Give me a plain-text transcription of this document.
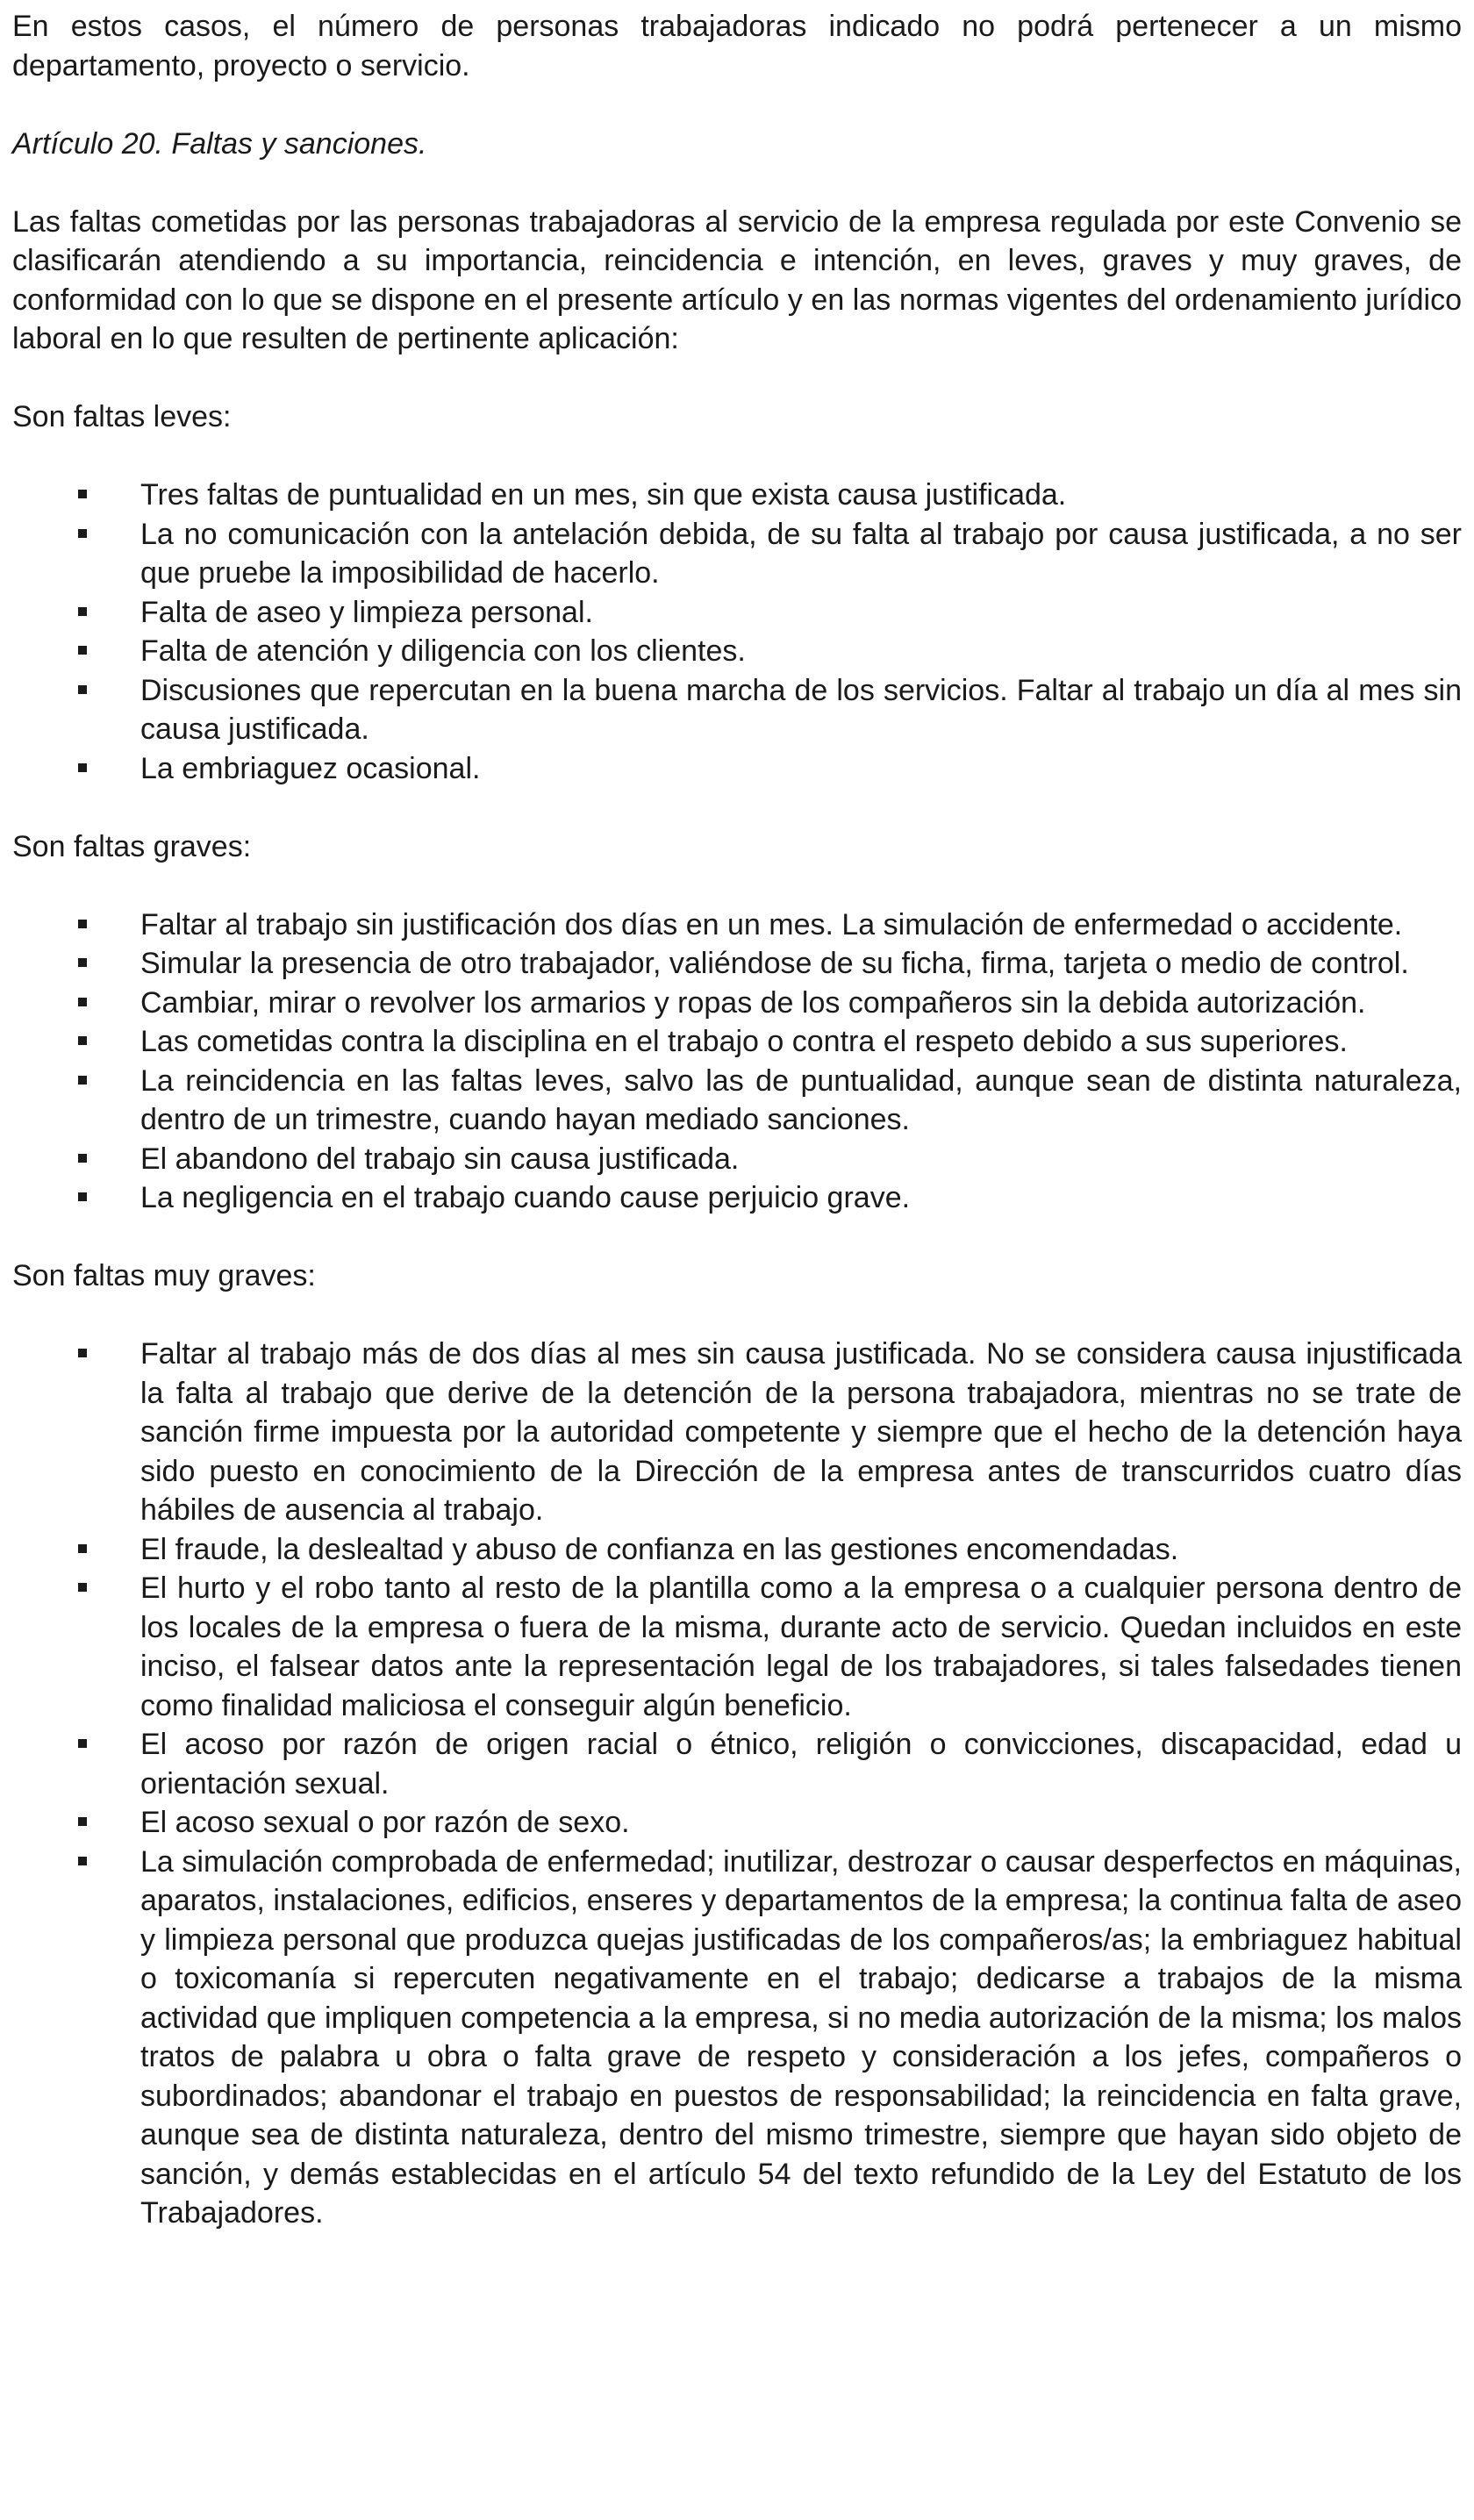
En estos casos, el número de personas trabajadoras indicado no podrá pertenecer a un mismo departamento, proyecto o servicio.

Artículo 20. Faltas y sanciones.

Las faltas cometidas por las personas trabajadoras al servicio de la empresa regulada por este Convenio se clasificarán atendiendo a su importancia, reincidencia e intención, en leves, graves y muy graves, de conformidad con lo que se dispone en el presente artículo y en las normas vigentes del ordenamiento jurídico laboral en lo que resulten de pertinente aplicación:

Son faltas leves:

Tres faltas de puntualidad en un mes, sin que exista causa justificada.
La no comunicación con la antelación debida, de su falta al trabajo por causa justificada, a no ser que pruebe la imposibilidad de hacerlo.
Falta de aseo y limpieza personal.
Falta de atención y diligencia con los clientes.
Discusiones que repercutan en la buena marcha de los servicios. Faltar al trabajo un día al mes sin causa justificada.
La embriaguez ocasional.

Son faltas graves:

Faltar al trabajo sin justificación dos días en un mes. La simulación de enfermedad o accidente.
Simular la presencia de otro trabajador, valiéndose de su ficha, firma, tarjeta o medio de control.
Cambiar, mirar o revolver los armarios y ropas de los compañeros sin la debida autorización.
Las cometidas contra la disciplina en el trabajo o contra el respeto debido a sus superiores.
La reincidencia en las faltas leves, salvo las de puntualidad, aunque sean de distinta naturaleza, dentro de un trimestre, cuando hayan mediado sanciones.
El abandono del trabajo sin causa justificada.
La negligencia en el trabajo cuando cause perjuicio grave.

Son faltas muy graves:

Faltar al trabajo más de dos días al mes sin causa justificada. No se considera causa injustificada la falta al trabajo que derive de la detención de la persona trabajadora, mientras no se trate de sanción firme impuesta por la autoridad competente y siempre que el hecho de la detención haya sido puesto en conocimiento de la Dirección de la empresa antes de transcurridos cuatro días hábiles de ausencia al trabajo.
El fraude, la deslealtad y abuso de confianza en las gestiones encomendadas.
El hurto y el robo tanto al resto de la plantilla como a la empresa o a cualquier persona dentro de los locales de la empresa o fuera de la misma, durante acto de servicio. Quedan incluidos en este inciso, el falsear datos ante la representación legal de los trabajadores, si tales falsedades tienen como finalidad maliciosa el conseguir algún beneficio.
El acoso por razón de origen racial o étnico, religión o convicciones, discapacidad, edad u orientación sexual.
El acoso sexual o por razón de sexo.
La simulación comprobada de enfermedad; inutilizar, destrozar o causar desperfectos en máquinas, aparatos, instalaciones, edificios, enseres y departamentos de la empresa; la continua falta de aseo y limpieza personal que produzca quejas justificadas de los compañeros/as; la embriaguez habitual o toxicomanía si repercuten negativamente en el trabajo; dedicarse a trabajos de la misma actividad que impliquen competencia a la empresa, si no media autorización de la misma; los malos tratos de palabra u obra o falta grave de respeto y consideración a los jefes, compañeros o subordinados; abandonar el trabajo en puestos de responsabilidad; la reincidencia en falta grave, aunque sea de distinta naturaleza, dentro del mismo trimestre, siempre que hayan sido objeto de sanción, y demás establecidas en el artículo 54 del texto refundido de la Ley del Estatuto de los Trabajadores.
